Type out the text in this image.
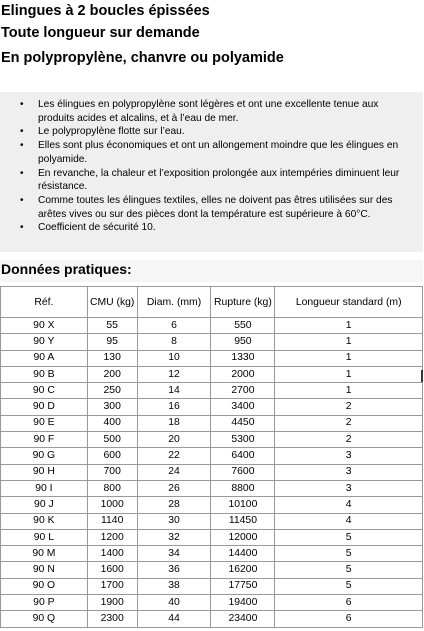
Elingues à 2 boucles épissées
Toute longueur sur demande
En polypropylène, chanvre ou polyamide
• Les élingues en polypropylène sont légères et ont une excellente tenue aux produits acides et alcalins, et à l’eau de mer.
• Le polypropylène flotte sur l’eau.
• Elles sont plus économiques et ont un allongement moindre que les élingues en polyamide.
• En revanche, la chaleur et l’exposition prolongée aux intempéries diminuent leur résistance.
• Comme toutes les élingues textiles, elles ne doivent pas êtres utilisées sur des arêtes vives ou sur des pièces dont la température est supérieure à 60°C.
• Coefficient de sécurité 10.
Données pratiques:
Réf.	CMU (kg)	Diam. (mm)	Rupture (kg)	Longueur standard (m)
90 X	55	6	550	1
90 Y	95	8	950	1
90 A	130	10	1330	1
90 B	200	12	2000	1
90 C	250	14	2700	1
90 D	300	16	3400	2
90 E	400	18	4450	2
90 F	500	20	5300	2
90 G	600	22	6400	3
90 H	700	24	7600	3
90 I	800	26	8800	3
90 J	1000	28	10100	4
90 K	1140	30	11450	4
90 L	1200	32	12000	5
90 M	1400	34	14400	5
90 N	1600	36	16200	5
90 O	1700	38	17750	5
90 P	1900	40	19400	6
90 Q	2300	44	23400	6
